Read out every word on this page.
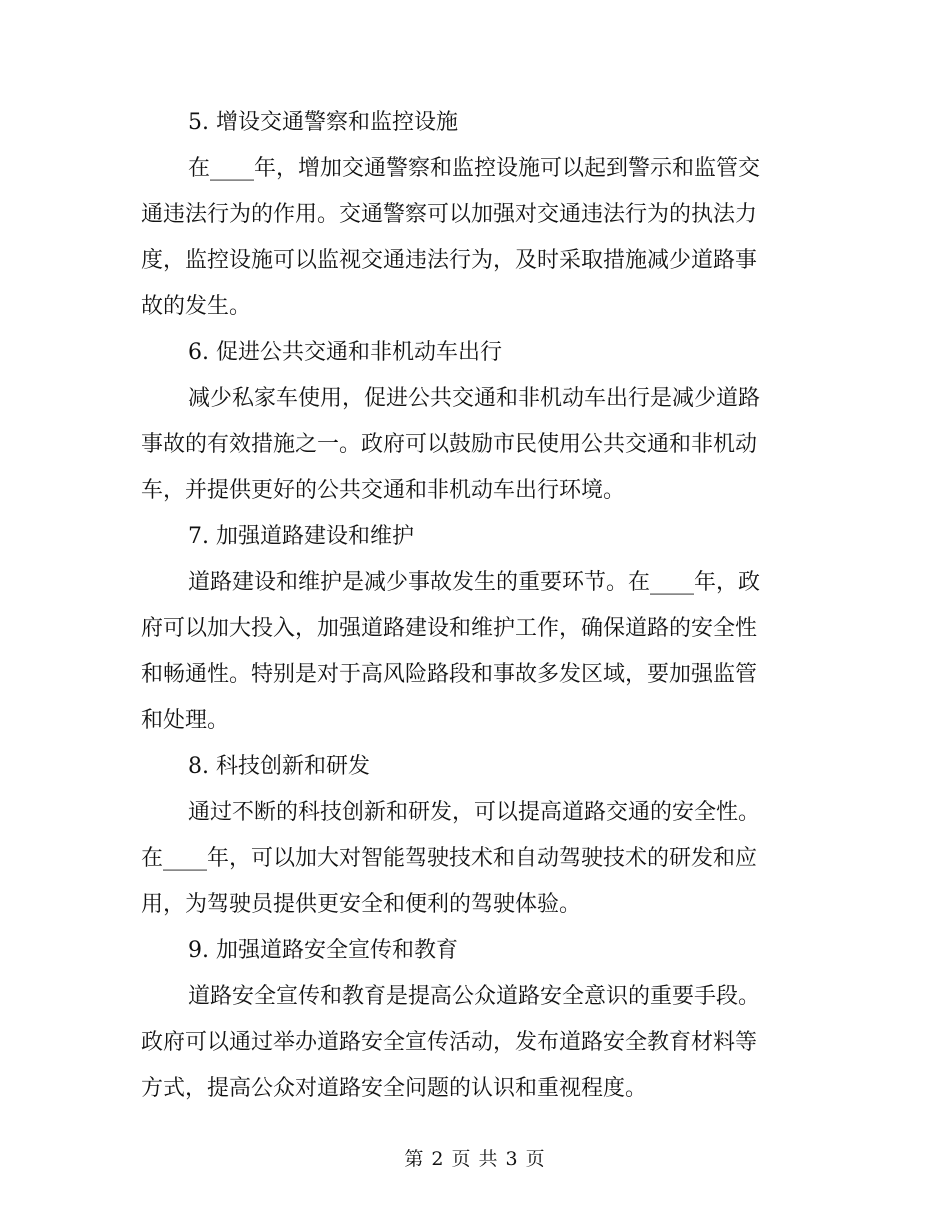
5. 增设交通警察和监控设施

在____年，增加交通警察和监控设施可以起到警示和监管交
通违法行为的作用。交通警察可以加强对交通违法行为的执法力
度，监控设施可以监视交通违法行为，及时采取措施减少道路事
故的发生。

6. 促进公共交通和非机动车出行

减少私家车使用，促进公共交通和非机动车出行是减少道路
事故的有效措施之一。政府可以鼓励市民使用公共交通和非机动
车，并提供更好的公共交通和非机动车出行环境。

7. 加强道路建设和维护

道路建设和维护是减少事故发生的重要环节。在____年，政
府可以加大投入，加强道路建设和维护工作，确保道路的安全性
和畅通性。特别是对于高风险路段和事故多发区域，要加强监管
和处理。

8. 科技创新和研发

通过不断的科技创新和研发，可以提高道路交通的安全性。
在____年，可以加大对智能驾驶技术和自动驾驶技术的研发和应
用，为驾驶员提供更安全和便利的驾驶体验。

9. 加强道路安全宣传和教育

道路安全宣传和教育是提高公众道路安全意识的重要手段。
政府可以通过举办道路安全宣传活动，发布道路安全教育材料等
方式，提高公众对道路安全问题的认识和重视程度。

第 2 页 共 3 页
